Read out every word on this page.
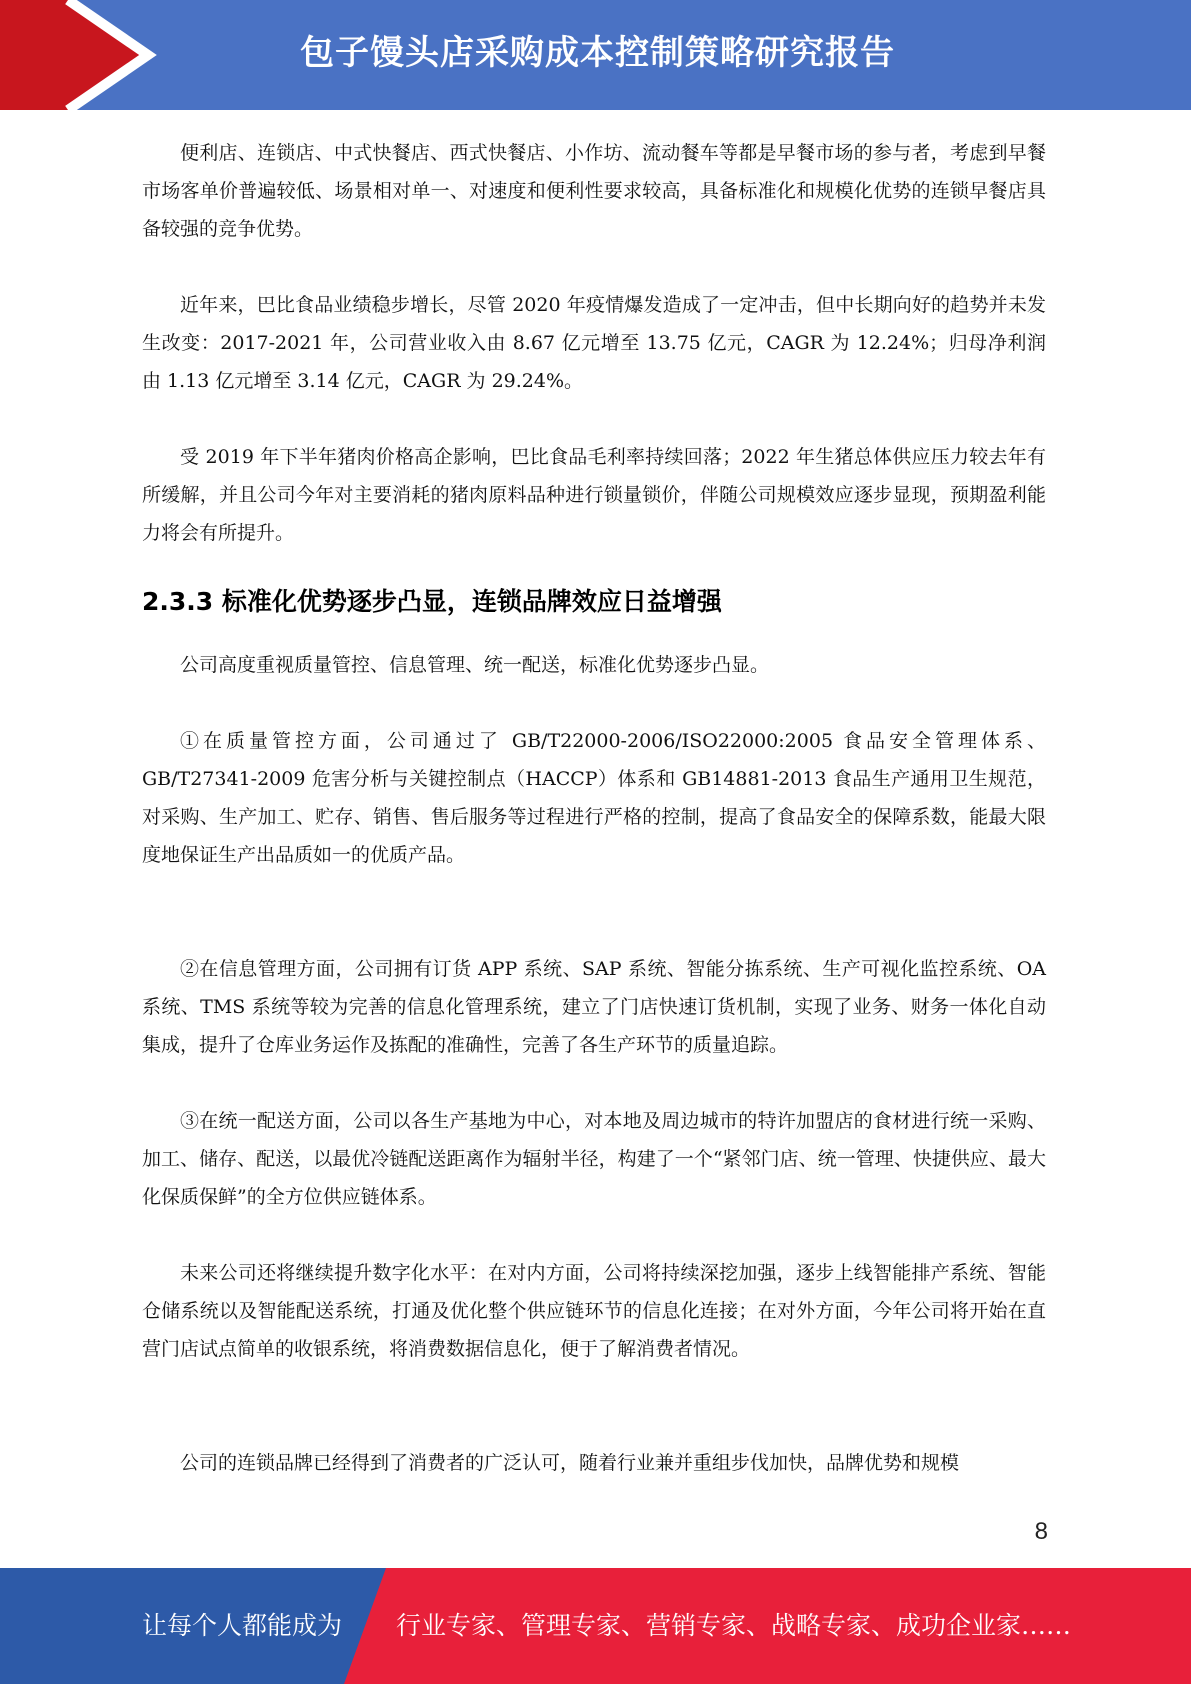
包子馒头店采购成本控制策略研究报告

便利店、连锁店、中式快餐店、西式快餐店、小作坊、流动餐车等都是早餐市场的参与者，考虑到早餐市场客单价普遍较低、场景相对单一、对速度和便利性要求较高，具备标准化和规模化优势的连锁早餐店具备较强的竞争优势。

近年来，巴比食品业绩稳步增长，尽管 2020 年疫情爆发造成了一定冲击，但中长期向好的趋势并未发生改变：2017-2021 年，公司营业收入由 8.67 亿元增至 13.75 亿元，CAGR 为 12.24%；归母净利润由 1.13 亿元增至 3.14 亿元，CAGR 为 29.24%。

受 2019 年下半年猪肉价格高企影响，巴比食品毛利率持续回落；2022 年生猪总体供应压力较去年有所缓解，并且公司今年对主要消耗的猪肉原料品种进行锁量锁价，伴随公司规模效应逐步显现，预期盈利能力将会有所提升。

2.3.3 标准化优势逐步凸显，连锁品牌效应日益增强

公司高度重视质量管控、信息管理、统一配送，标准化优势逐步凸显。

①在质量管控方面，公司通过了 GB/T22000-2006/ISO22000:2005 食品安全管理体系、GB/T27341-2009 危害分析与关键控制点（HACCP）体系和 GB14881-2013 食品生产通用卫生规范，对采购、生产加工、贮存、销售、售后服务等过程进行严格的控制，提高了食品安全的保障系数，能最大限度地保证生产出品质如一的优质产品。

②在信息管理方面，公司拥有订货 APP 系统、SAP 系统、智能分拣系统、生产可视化监控系统、OA 系统、TMS 系统等较为完善的信息化管理系统，建立了门店快速订货机制，实现了业务、财务一体化自动集成，提升了仓库业务运作及拣配的准确性，完善了各生产环节的质量追踪。

③在统一配送方面，公司以各生产基地为中心，对本地及周边城市的特许加盟店的食材进行统一采购、加工、储存、配送，以最优冷链配送距离作为辐射半径，构建了一个“紧邻门店、统一管理、快捷供应、最大化保质保鲜”的全方位供应链体系。

未来公司还将继续提升数字化水平：在对内方面，公司将持续深挖加强，逐步上线智能排产系统、智能仓储系统以及智能配送系统，打通及优化整个供应链环节的信息化连接；在对外方面，今年公司将开始在直营门店试点简单的收银系统，将消费数据信息化，便于了解消费者情况。

公司的连锁品牌已经得到了消费者的广泛认可，随着行业兼并重组步伐加快，品牌优势和规模

8
让每个人都能成为 行业专家、管理专家、营销专家、战略专家、成功企业家……
